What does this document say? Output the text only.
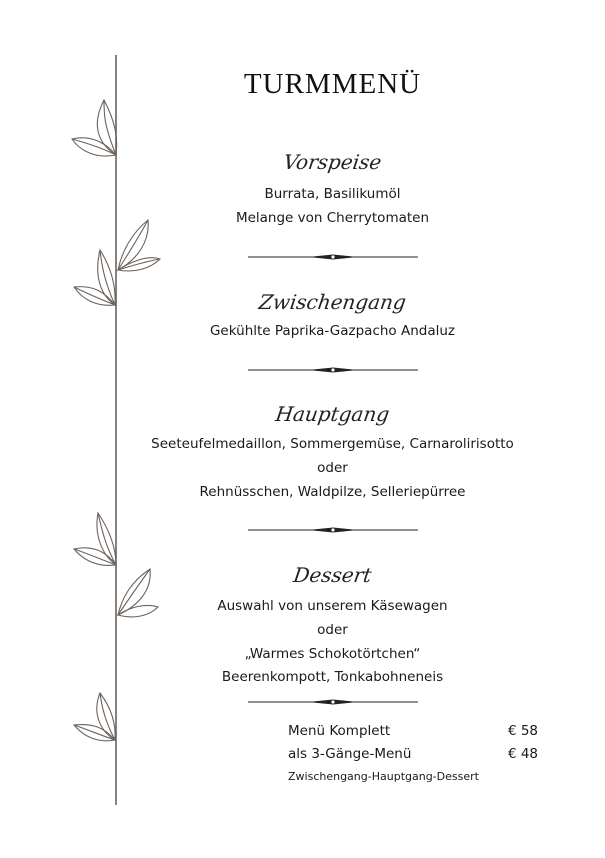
TURMMENÜ
Vorspeise
Burrata, Basilikumöl
Melange von Cherrytomaten
Zwischengang
Gekühlte Paprika-Gazpacho Andaluz
Hauptgang
Seeteufelmedaillon, Sommergemüse, Carnarolirisotto
oder
Rehnüsschen, Waldpilze, Selleriepürree
Dessert
Auswahl von unserem Käsewagen
oder
„Warmes Schokotörtchen“
Beerenkompott, Tonkabohneneis
Menü Komplett	€ 58
als 3-Gänge-Menü	€ 48
Zwischengang-Hauptgang-Dessert
